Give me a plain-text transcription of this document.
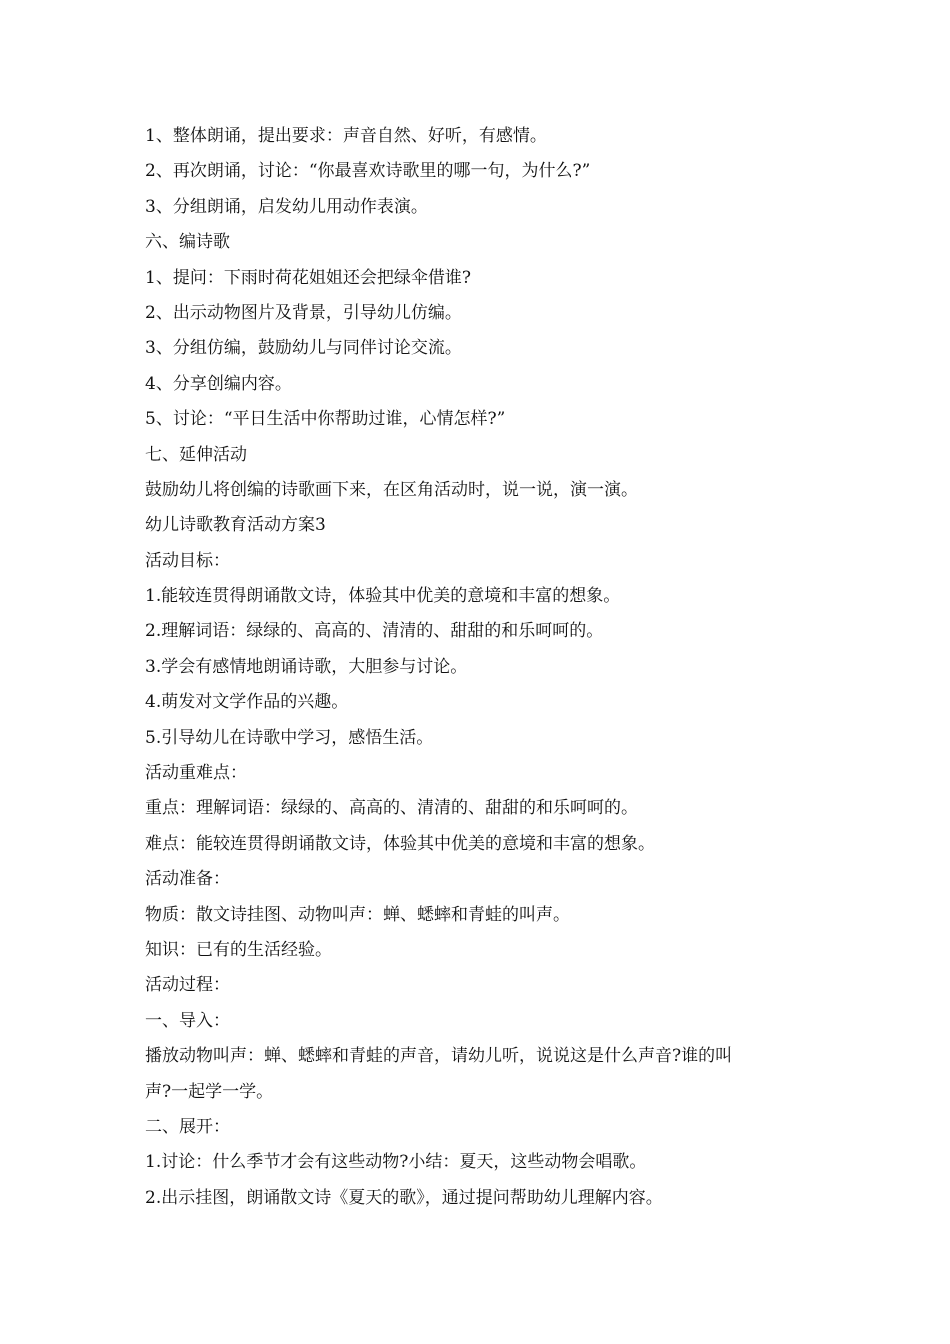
1、整体朗诵，提出要求：声音自然、好听，有感情。
2、再次朗诵，讨论：“你最喜欢诗歌里的哪一句，为什么?”
3、分组朗诵，启发幼儿用动作表演。
六、编诗歌
1、提问：下雨时荷花姐姐还会把绿伞借谁?
2、出示动物图片及背景，引导幼儿仿编。
3、分组仿编，鼓励幼儿与同伴讨论交流。
4、分享创编内容。
5、讨论：“平日生活中你帮助过谁，心情怎样?”
七、延伸活动
鼓励幼儿将创编的诗歌画下来，在区角活动时，说一说，演一演。
幼儿诗歌教育活动方案3
活动目标：
1.能较连贯得朗诵散文诗，体验其中优美的意境和丰富的想象。
2.理解词语：绿绿的、高高的、清清的、甜甜的和乐呵呵的。
3.学会有感情地朗诵诗歌，大胆参与讨论。
4.萌发对文学作品的兴趣。
5.引导幼儿在诗歌中学习，感悟生活。
活动重难点：
重点：理解词语：绿绿的、高高的、清清的、甜甜的和乐呵呵的。
难点：能较连贯得朗诵散文诗，体验其中优美的意境和丰富的想象。
活动准备：
物质：散文诗挂图、动物叫声：蝉、蟋蟀和青蛙的叫声。
知识：已有的生活经验。
活动过程：
一、导入：
播放动物叫声：蝉、蟋蟀和青蛙的声音，请幼儿听，说说这是什么声音?谁的叫
声?一起学一学。
二、展开：
1.讨论：什么季节才会有这些动物?小结：夏天，这些动物会唱歌。
2.出示挂图，朗诵散文诗《夏天的歌》，通过提问帮助幼儿理解内容。
